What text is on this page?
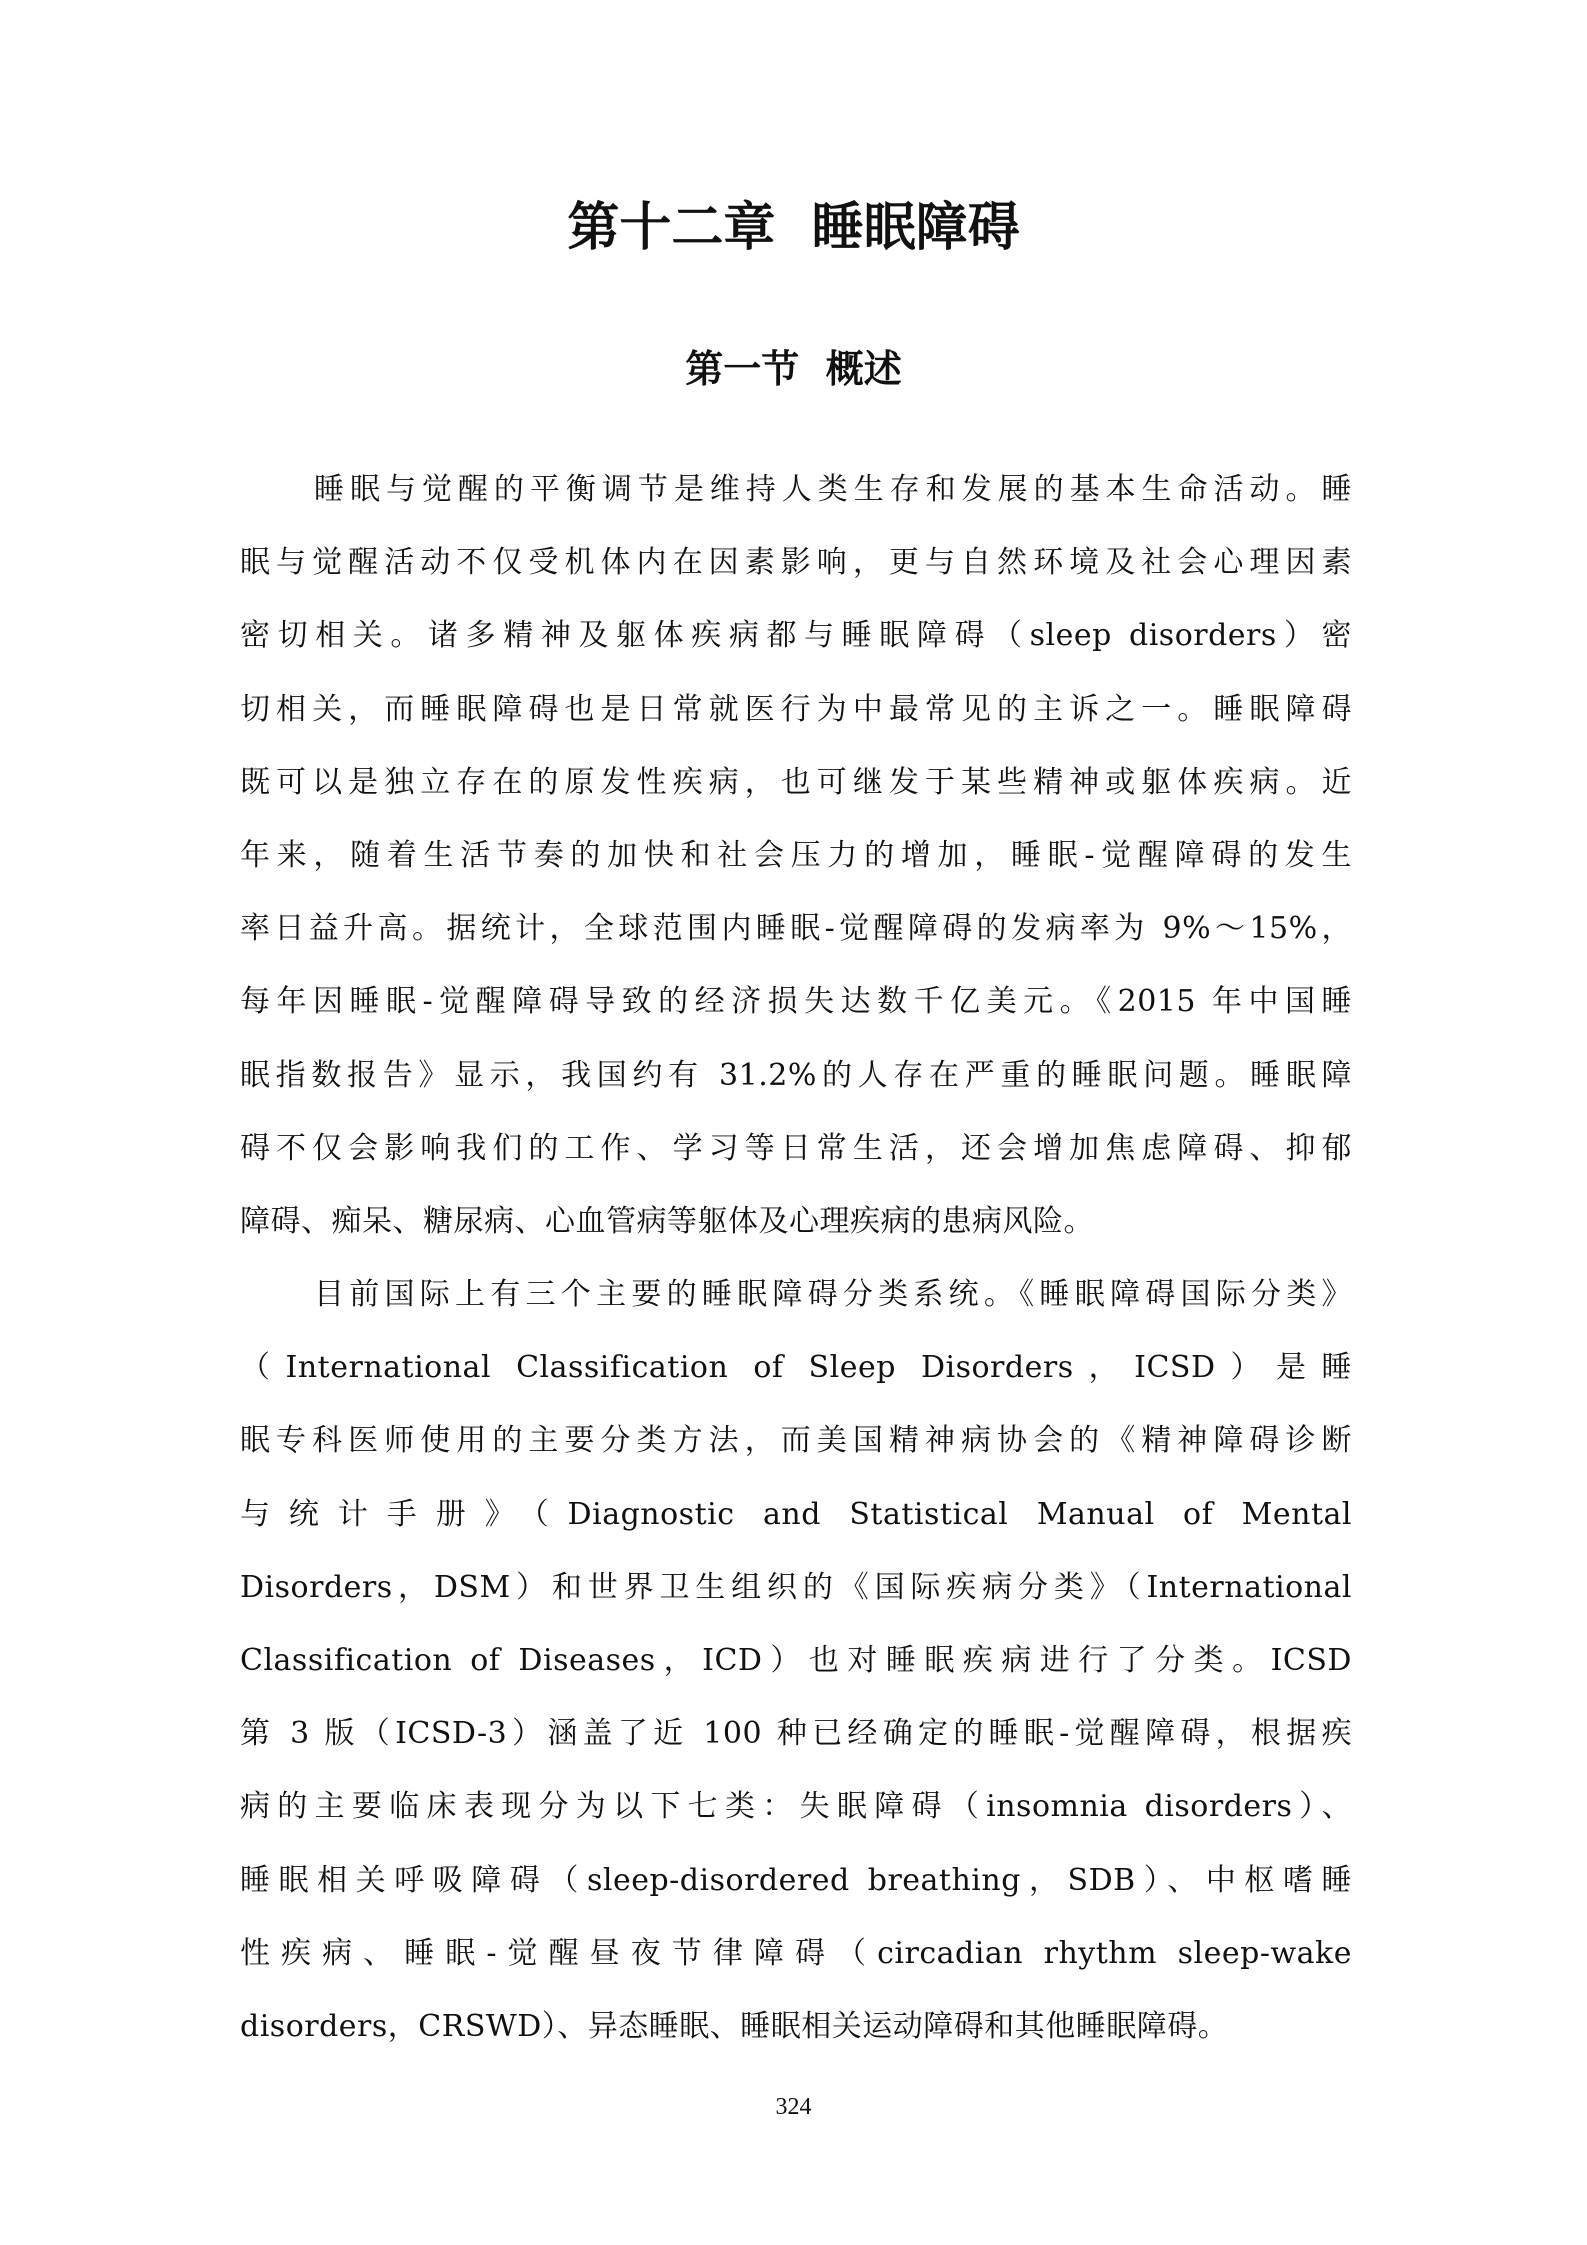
第十二章  睡眠障碍
第一节  概述
睡眠与觉醒的平衡调节是维持人类生存和发展的基本生命活动。睡
眠与觉醒活动不仅受机体内在因素影响，更与自然环境及社会心理因素
密切相关。诸多精神及躯体疾病都与睡眠障碍（sleep disorders）密
切相关，而睡眠障碍也是日常就医行为中最常见的主诉之一。睡眠障碍
既可以是独立存在的原发性疾病，也可继发于某些精神或躯体疾病。近
年来，随着生活节奏的加快和社会压力的增加，睡眠-觉醒障碍的发生
率日益升高。据统计，全球范围内睡眠-觉醒障碍的发病率为 9%～15%，
每年因睡眠-觉醒障碍导致的经济损失达数千亿美元。《2015 年中国睡
眠指数报告》显示，我国约有 31.2%的人存在严重的睡眠问题。睡眠障
碍不仅会影响我们的工作、学习等日常生活，还会增加焦虑障碍、抑郁
障碍、痴呆、糖尿病、心血管病等躯体及心理疾病的患病风险。
目前国际上有三个主要的睡眠障碍分类系统。《睡眠障碍国际分类》
（International Classification of Sleep Disorders，ICSD）是睡
眠专科医师使用的主要分类方法，而美国精神病协会的《精神障碍诊断
与统计手册》（Diagnostic and Statistical Manual of Mental
Disorders，DSM）和世界卫生组织的《国际疾病分类》（International
Classification of Diseases，ICD）也对睡眠疾病进行了分类。ICSD
第 3 版（ICSD-3）涵盖了近 100 种已经确定的睡眠-觉醒障碍，根据疾
病的主要临床表现分为以下七类：失眠障碍（insomnia disorders）、
睡眠相关呼吸障碍（sleep-disordered breathing，SDB）、中枢嗜睡
性疾病、睡眠-觉醒昼夜节律障碍（circadian rhythm sleep-wake
disorders，CRSWD）、异态睡眠、睡眠相关运动障碍和其他睡眠障碍。
324
